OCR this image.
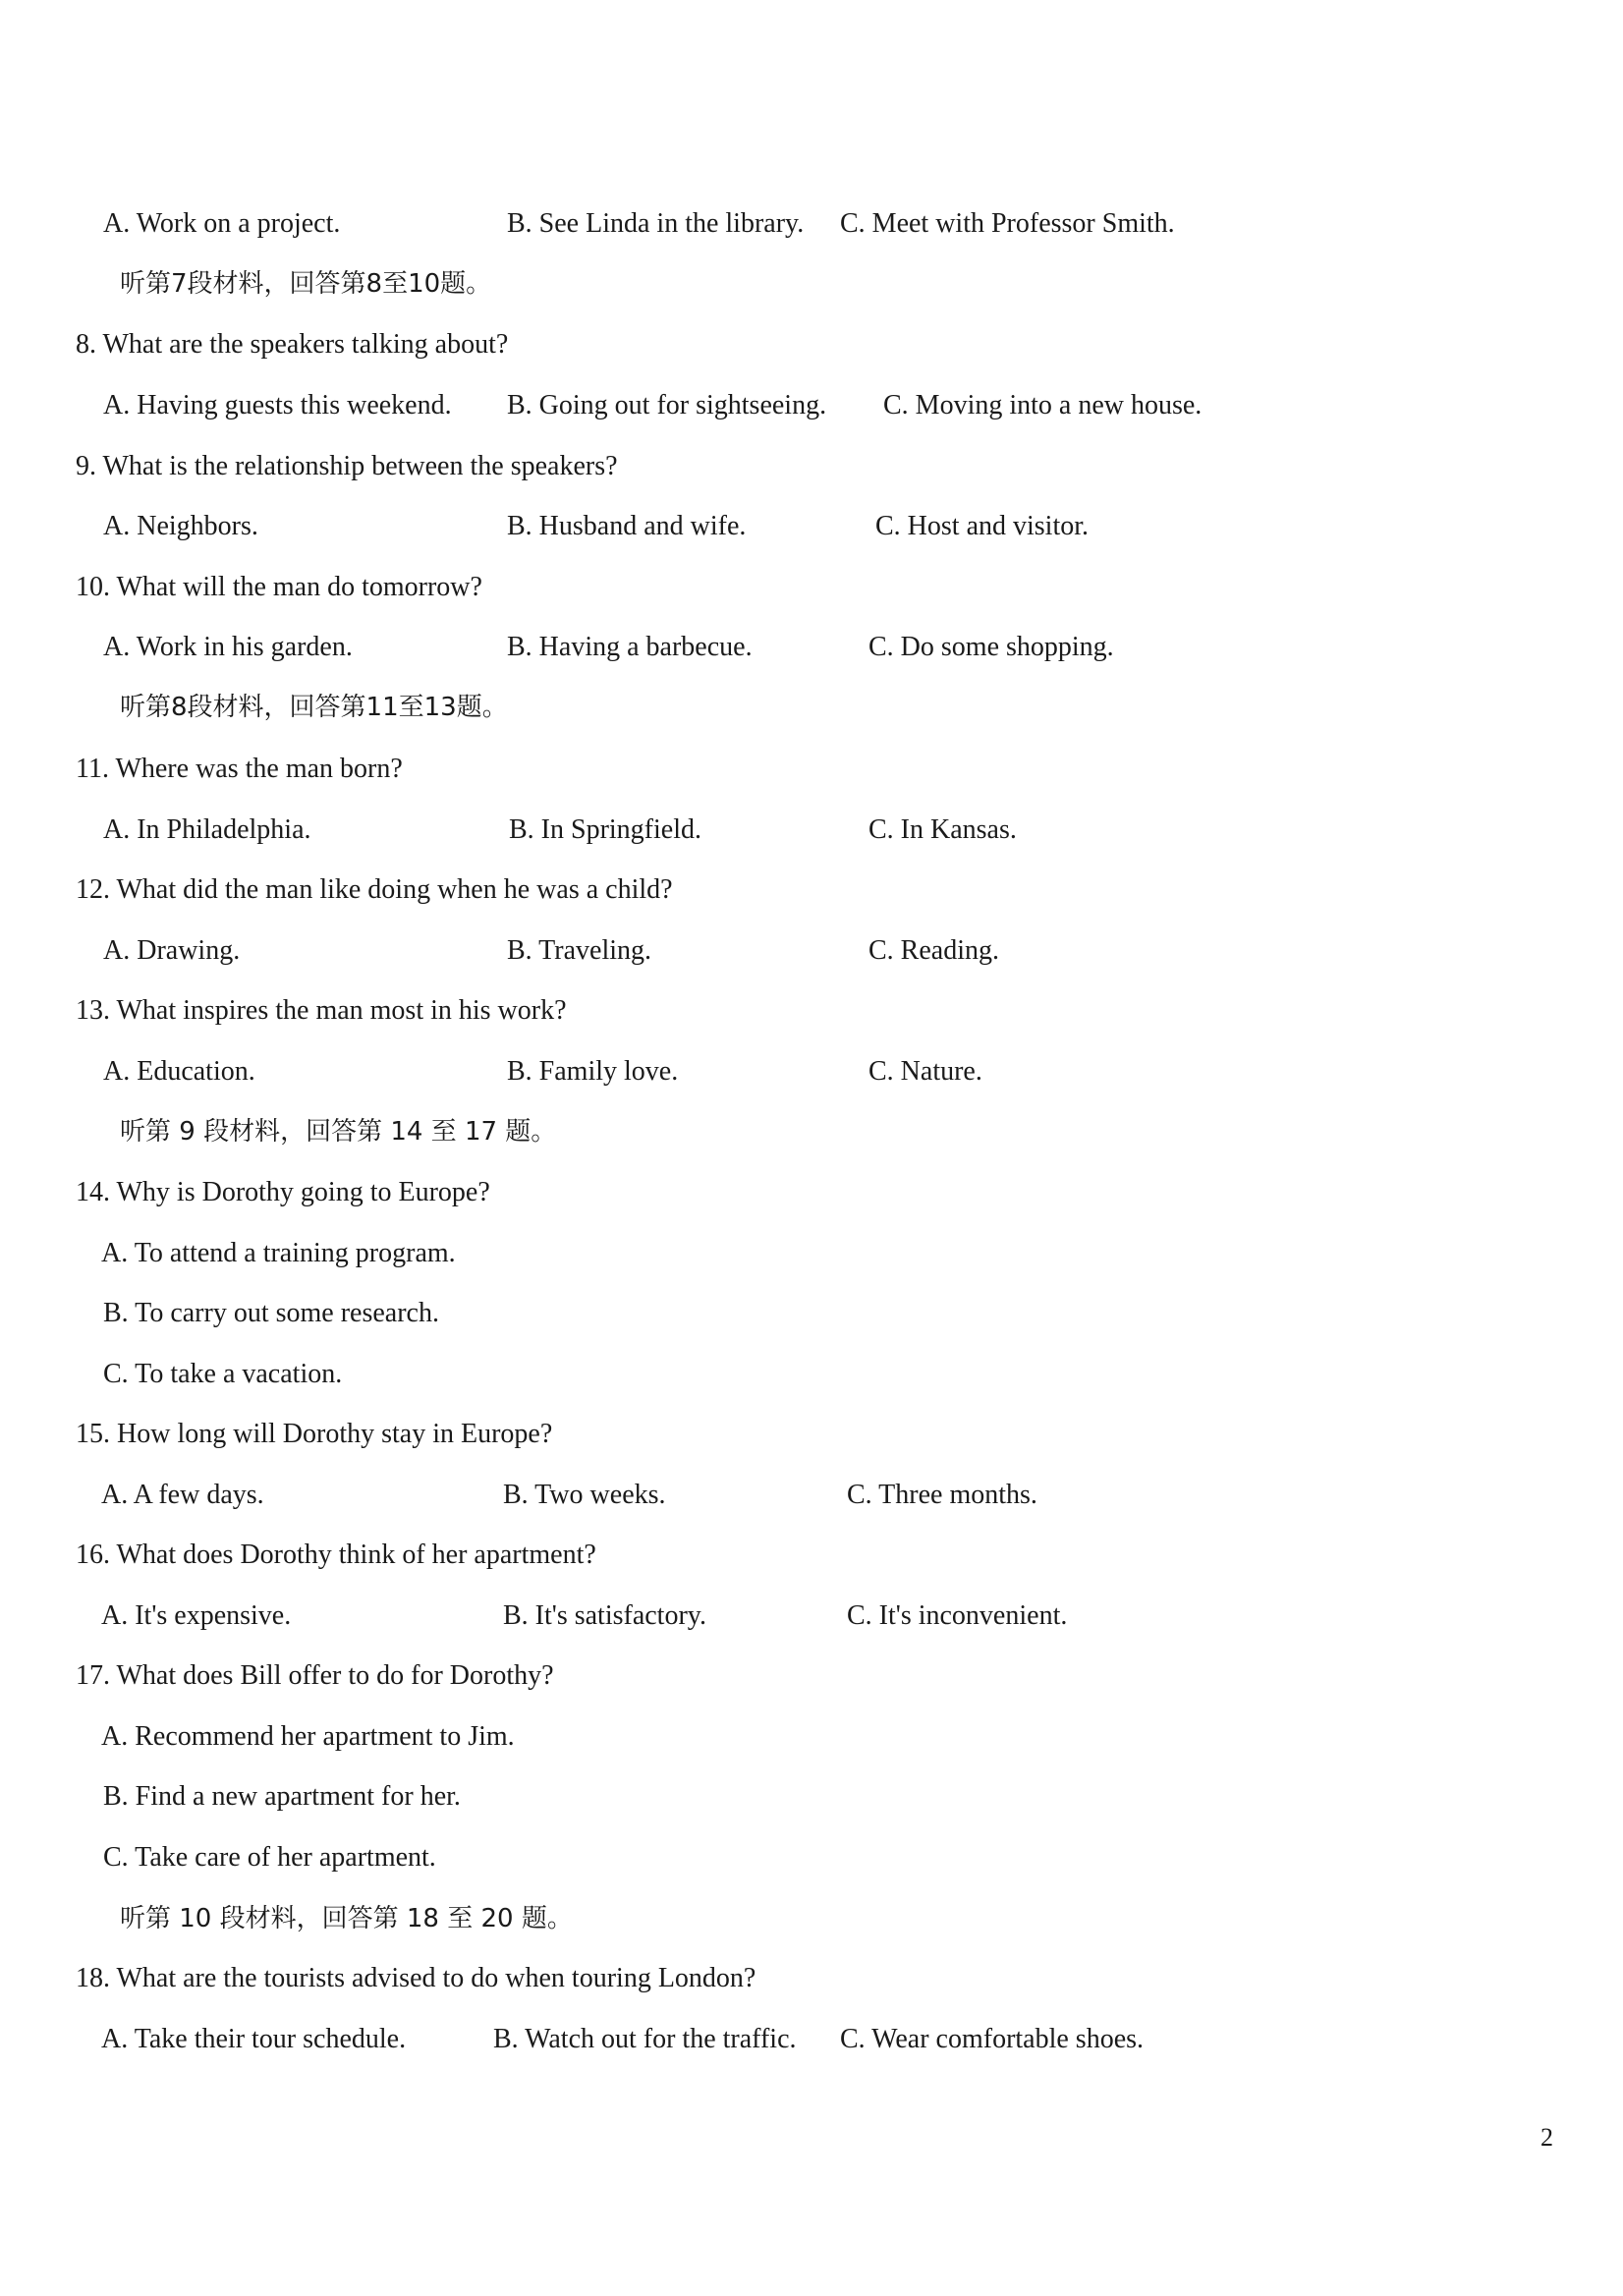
A. Work on a project.	B. See Linda in the library. C. Meet with Professor Smith.
听第7段材料，回答第8至10题。
8. What are the speakers talking about?
A. Having guests this weekend. B. Going out for sightseeing. C. Moving into a new house.
9. What is the relationship between the speakers?
A. Neighbors.	B. Husband and wife.	C. Host and visitor.
10. What will the man do tomorrow?
A. Work in his garden.	B. Having a barbecue.	C. Do some shopping.
听第8段材料，回答第11至13题。
11. Where was the man born?
A. In Philadelphia.	B. In Springfield.	C. In Kansas.
12. What did the man like doing when he was a child?
A. Drawing.	B. Traveling.	C. Reading.
13. What inspires the man most in his work?
A. Education.	B. Family love.	C. Nature.
听第 9 段材料，回答第 14 至 17 题。
14. Why is Dorothy going to Europe?
A. To attend a training program.
B. To carry out some research.
C. To take a vacation.
15. How long will Dorothy stay in Europe?
A. A few days.	B. Two weeks.	C. Three months.
16. What does Dorothy think of her apartment?
A. It's expensive.	B. It's satisfactory.	C. It's inconvenient.
17. What does Bill offer to do for Dorothy?
A. Recommend her apartment to Jim.
B. Find a new apartment for her.
C. Take care of her apartment.
听第 10 段材料，回答第 18 至 20 题。
18. What are the tourists advised to do when touring London?
A. Take their tour schedule.	B. Watch out for the traffic. C. Wear comfortable shoes.
2
